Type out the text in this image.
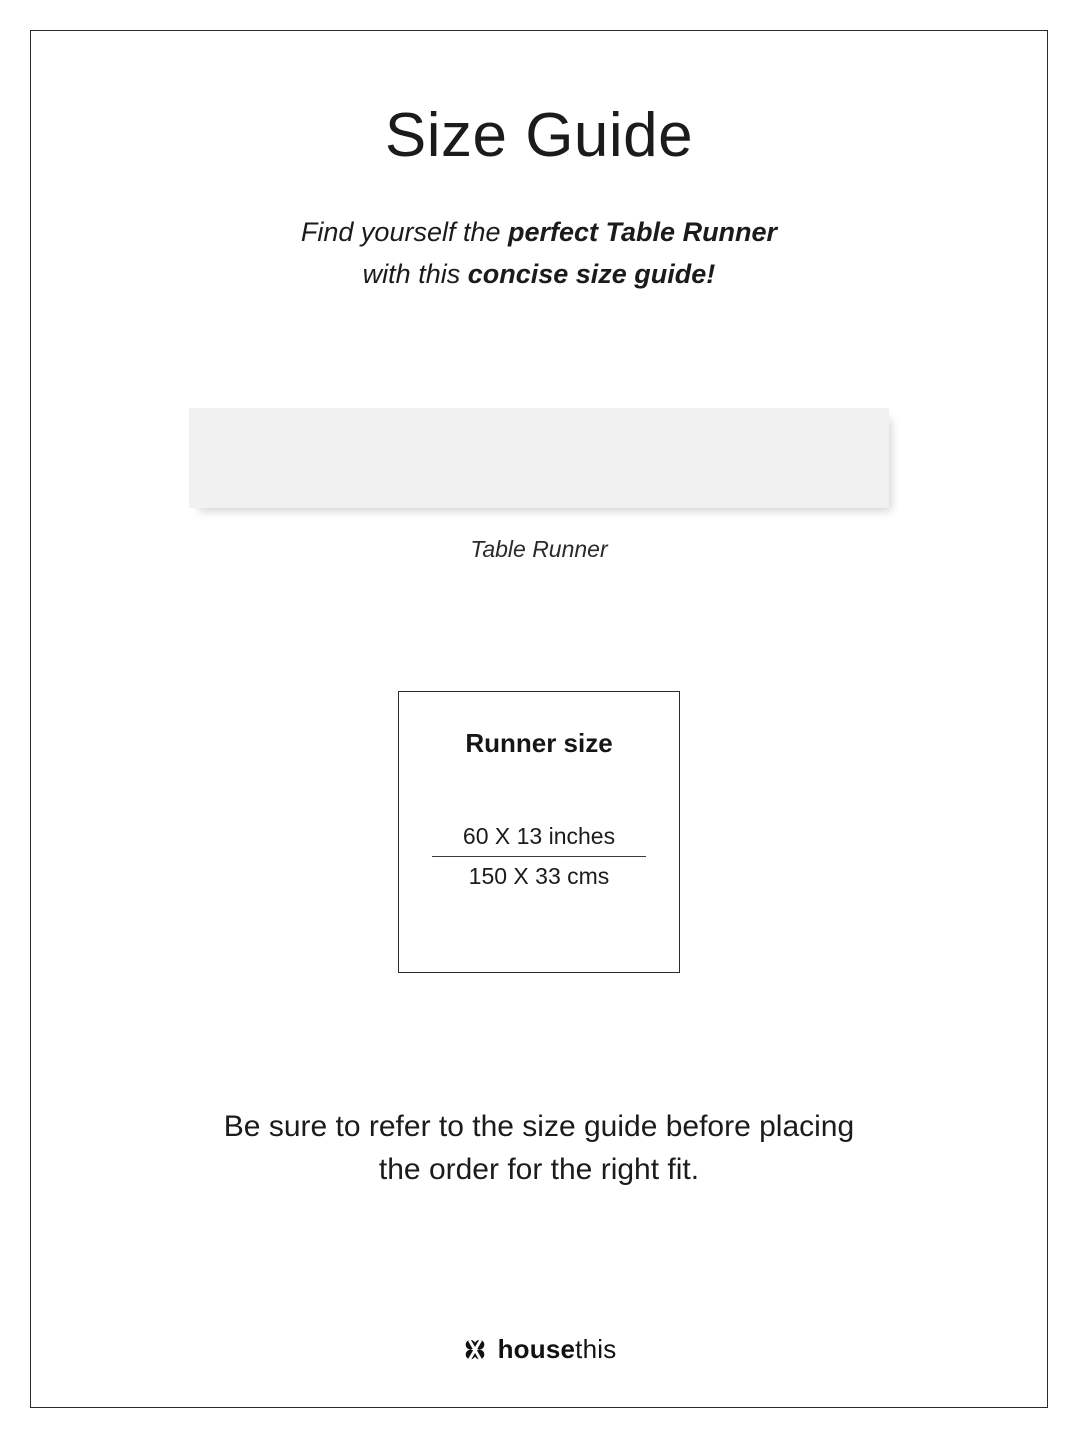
Size Guide
Find yourself the perfect Table Runner
with this concise size guide!
Table Runner
Runner size
60 X 13 inches
150 X 33 cms
Be sure to refer to the size guide before placing
the order for the right fit.
housethis
